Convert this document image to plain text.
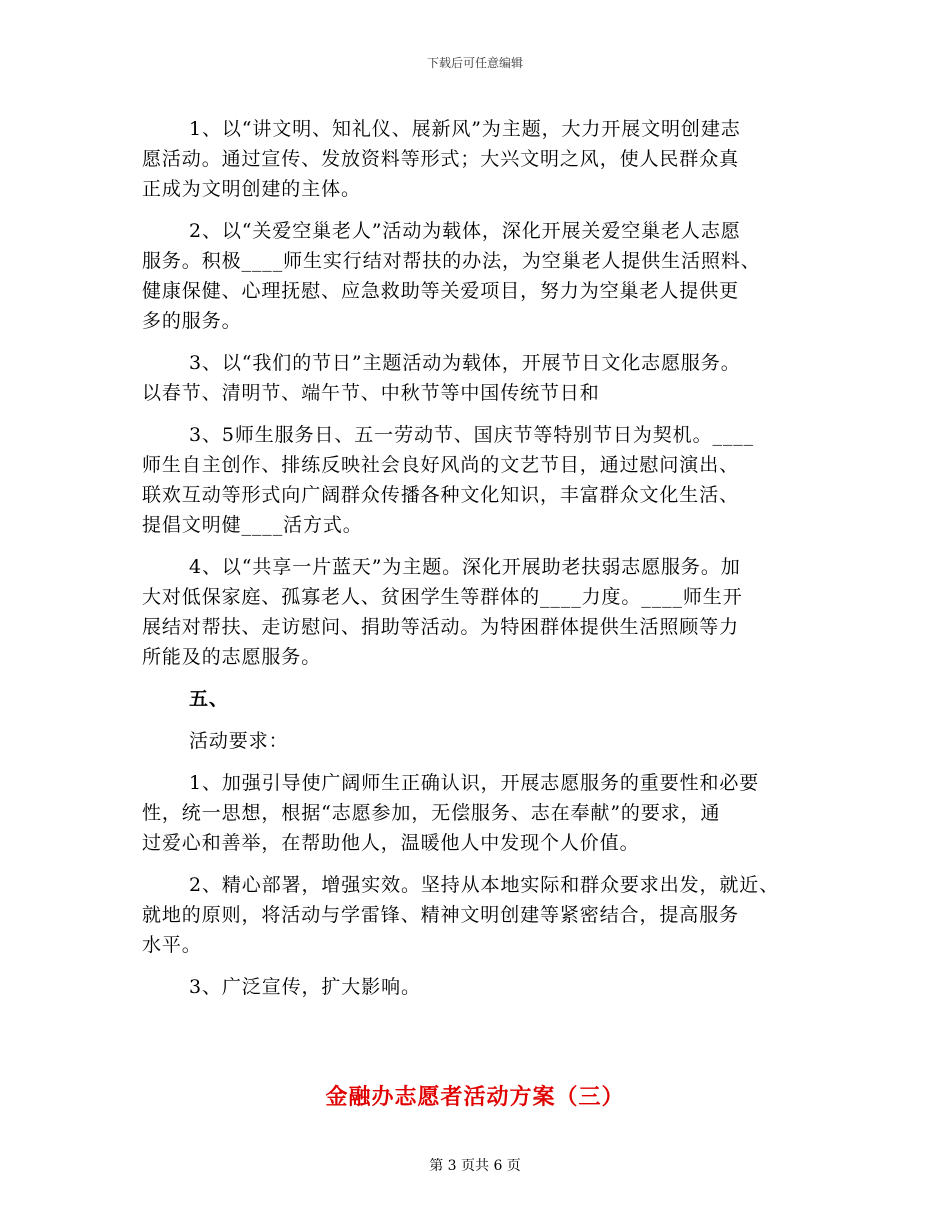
下载后可任意编辑
1、以“讲文明、知礼仪、展新风”为主题，大力开展文明创建志
愿活动。通过宣传、发放资料等形式；大兴文明之风，使人民群众真
正成为文明创建的主体。
2、以“关爱空巢老人”活动为载体，深化开展关爱空巢老人志愿
服务。积极____师生实行结对帮扶的办法，为空巢老人提供生活照料、
健康保健、心理抚慰、应急救助等关爱项目，努力为空巢老人提供更
多的服务。
3、以“我们的节日”主题活动为载体，开展节日文化志愿服务。
以春节、清明节、端午节、中秋节等中国传统节日和
3、5师生服务日、五一劳动节、国庆节等特别节日为契机。____
师生自主创作、排练反映社会良好风尚的文艺节目，通过慰问演出、
联欢互动等形式向广阔群众传播各种文化知识，丰富群众文化生活、
提倡文明健____活方式。
4、以“共享一片蓝天”为主题。深化开展助老扶弱志愿服务。加
大对低保家庭、孤寡老人、贫困学生等群体的____力度。____师生开
展结对帮扶、走访慰问、捐助等活动。为特困群体提供生活照顾等力
所能及的志愿服务。
五、
活动要求：
1、加强引导使广阔师生正确认识，开展志愿服务的重要性和必要
性，统一思想，根据“志愿参加，无偿服务、志在奉献”的要求，通
过爱心和善举，在帮助他人，温暖他人中发现个人价值。
2、精心部署，增强实效。坚持从本地实际和群众要求出发，就近、
就地的原则，将活动与学雷锋、精神文明创建等紧密结合，提高服务
水平。
3、广泛宣传，扩大影响。
金融办志愿者活动方案（三）
第 3 页共 6 页
